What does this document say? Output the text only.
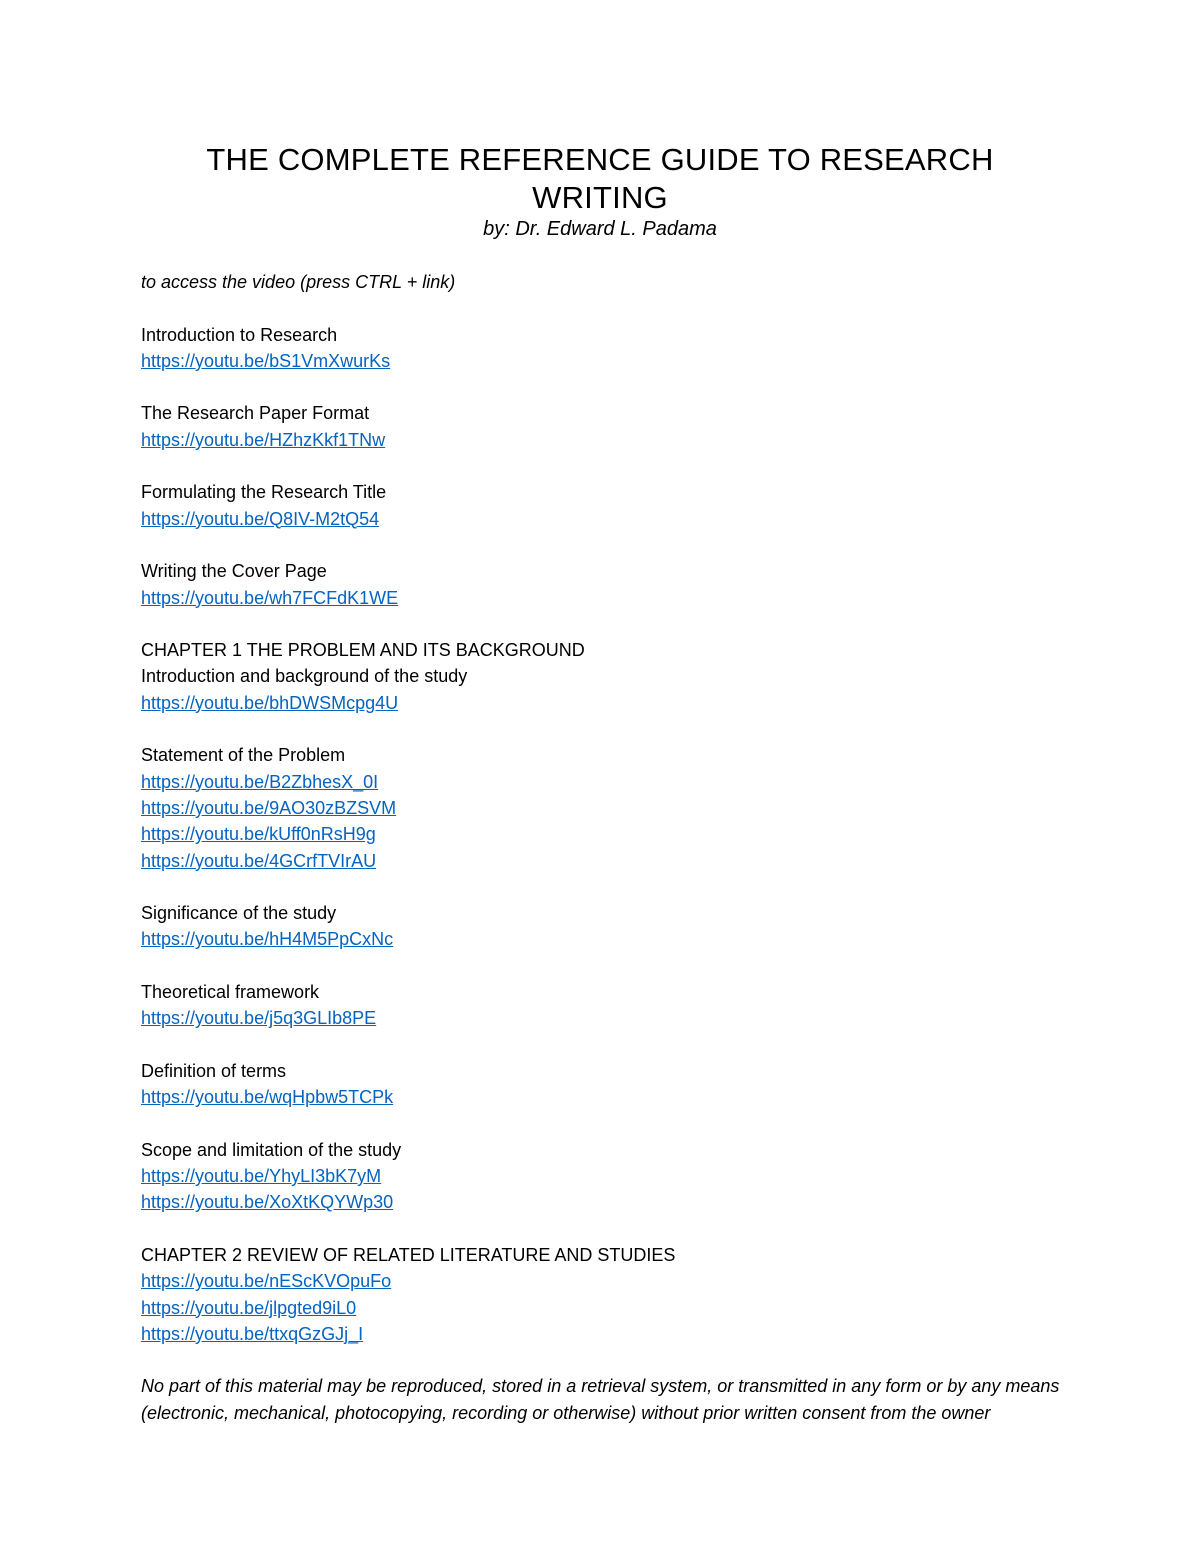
THE COMPLETE REFERENCE GUIDE TO RESEARCH
WRITING
by: Dr. Edward L. Padama
to access the video (press CTRL + link)
Introduction to Research
https://youtu.be/bS1VmXwurKs
The Research Paper Format
https://youtu.be/HZhzKkf1TNw
Formulating the Research Title
https://youtu.be/Q8IV-M2tQ54
Writing the Cover Page
https://youtu.be/wh7FCFdK1WE
CHAPTER 1 THE PROBLEM AND ITS BACKGROUND
Introduction and background of the study
https://youtu.be/bhDWSMcpg4U
Statement of the Problem
https://youtu.be/B2ZbhesX_0I
https://youtu.be/9AO30zBZSVM
https://youtu.be/kUff0nRsH9g
https://youtu.be/4GCrfTVIrAU
Significance of the study
https://youtu.be/hH4M5PpCxNc
Theoretical framework
https://youtu.be/j5q3GLIb8PE
Definition of terms
https://youtu.be/wqHpbw5TCPk
Scope and limitation of the study
https://youtu.be/YhyLI3bK7yM
https://youtu.be/XoXtKQYWp30
CHAPTER 2 REVIEW OF RELATED LITERATURE AND STUDIES
https://youtu.be/nEScKVOpuFo
https://youtu.be/jlpgted9iL0
https://youtu.be/ttxqGzGJj_I
No part of this material may be reproduced, stored in a retrieval system, or transmitted in any form or by any means (electronic, mechanical, photocopying, recording or otherwise) without prior written consent from the owner
